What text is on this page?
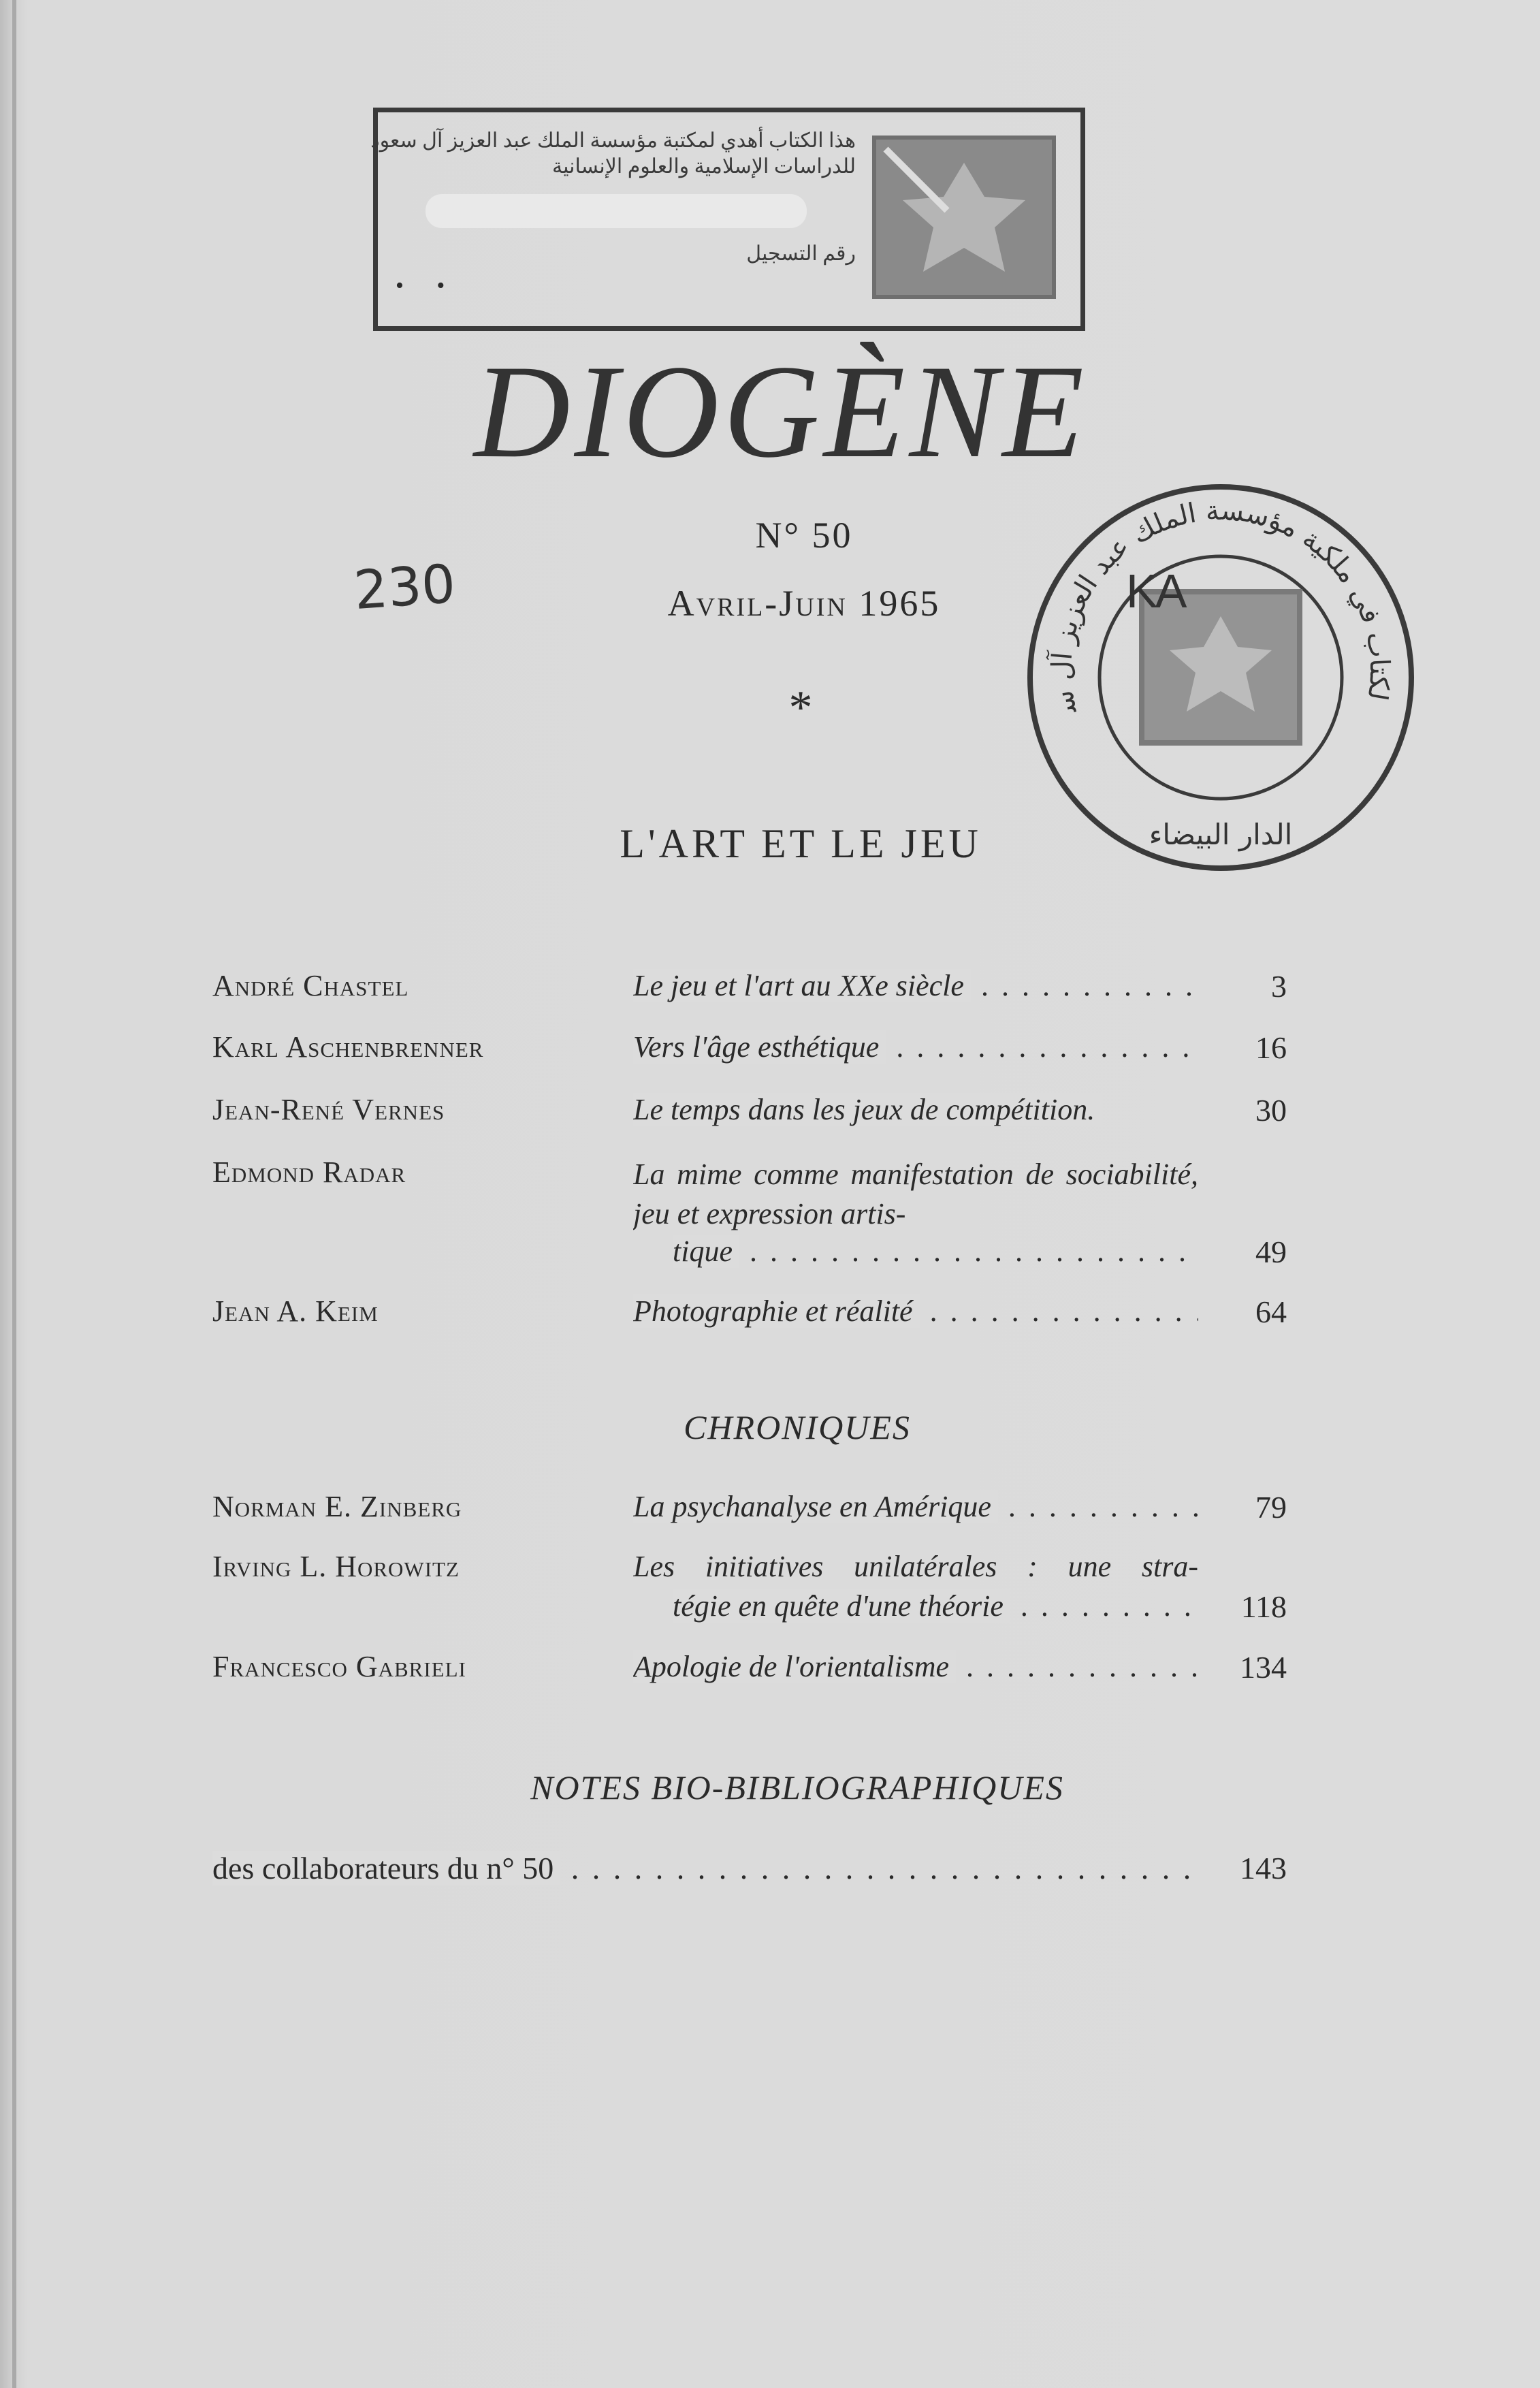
هذا الكتاب أهدي لمكتبة مؤسسة الملك عبد العزيز آل سعود
للدراسات الإسلامية والعلوم الإنسانية
رقم التسجيل
• •
لكتاب في ملكية مؤسسة الملك عبد العزيز آل س
الدار البيضاء
KA
DIOGÈNE
230
N° 50
Avril-Juin 1965
*
L'ART ET LE JEU
André Chastel	Le jeu et l'art au XXe siècle . . .	3
Karl Aschenbrenner	Vers l'âge esthétique . . .	16
Jean-René Vernes	Le temps dans les jeux de compétition.	30
Edmond Radar	La mime comme manifestation de sociabilité, jeu et expression artis-
tique . . .	49
Jean A. Keim	Photographie et réalité . . .	64
CHRONIQUES
Norman E. Zinberg	La psychanalyse en Amérique . . .	79
Irving L. Horowitz	Les initiatives unilatérales : une stra-
tégie en quête d'une théorie . . .	118
Francesco Gabrieli	Apologie de l'orientalisme . . .	134
NOTES BIO-BIBLIOGRAPHIQUES
des collaborateurs du n° 50 . . .	143
